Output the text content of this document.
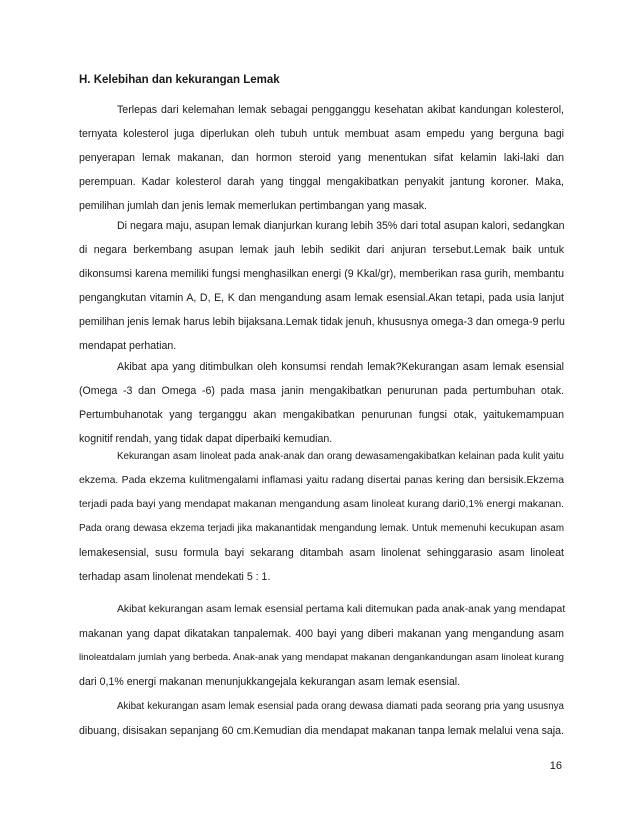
H. Kelebihan dan kekurangan Lemak
Terlepas dari kelemahan lemak sebagai pengganggu kesehatan akibat kandungan kolesterol,
ternyata kolesterol juga diperlukan oleh tubuh untuk membuat asam empedu yang berguna bagi
penyerapan lemak makanan, dan hormon steroid yang menentukan sifat kelamin laki-laki dan
perempuan. Kadar kolesterol darah yang tinggal mengakibatkan penyakit jantung koroner. Maka,
pemilihan jumlah dan jenis lemak memerlukan pertimbangan yang masak.
Di negara maju, asupan lemak dianjurkan kurang lebih 35% dari total asupan kalori, sedangkan
di negara berkembang asupan lemak jauh lebih sedikit dari anjuran tersebut.Lemak baik untuk
dikonsumsi karena memiliki fungsi menghasilkan energi (9 Kkal/gr), memberikan rasa gurih, membantu
pengangkutan vitamin A, D, E, K dan mengandung asam lemak esensial.Akan tetapi, pada usia lanjut
pemilihan jenis lemak harus lebih bijaksana.Lemak tidak jenuh, khususnya omega-3 dan omega-9 perlu
mendapat perhatian.
Akibat apa yang ditimbulkan oleh konsumsi rendah lemak?Kekurangan asam lemak esensial
(Omega -3 dan Omega -6) pada masa janin mengakibatkan penurunan pada pertumbuhan otak.
Pertumbuhanotak yang terganggu akan mengakibatkan penurunan fungsi otak, yaitukemampuan
kognitif rendah, yang tidak dapat diperbaiki kemudian.
Kekurangan asam linoleat pada anak-anak dan orang dewasamengakibatkan kelainan pada kulit yaitu
ekzema. Pada ekzema kulitmengalami inflamasi yaitu radang disertai panas kering dan bersisik.Ekzema
terjadi pada bayi yang mendapat makanan mengandung asam linoleat kurang dari0,1% energi makanan.
Pada orang dewasa ekzema terjadi jika makanantidak mengandung lemak. Untuk memenuhi kecukupan asam
lemakesensial, susu formula bayi sekarang ditambah asam linolenat sehinggarasio asam linoleat
terhadap asam linolenat mendekati 5 : 1.
Akibat kekurangan asam lemak esensial pertama kali ditemukan pada anak-anak yang mendapat
makanan yang dapat dikatakan tanpalemak. 400 bayi yang diberi makanan yang mengandung asam
linoleatdalam jumlah yang berbeda. Anak-anak yang mendapat makanan dengankandungan asam linoleat kurang
dari 0,1% energi makanan menunjukkangejala kekurangan asam lemak esensial.
Akibat kekurangan asam lemak esensial pada orang dewasa diamati pada seorang pria yang ususnya
dibuang, disisakan sepanjang 60 cm.Kemudian dia mendapat makanan tanpa lemak melalui vena saja.

16
